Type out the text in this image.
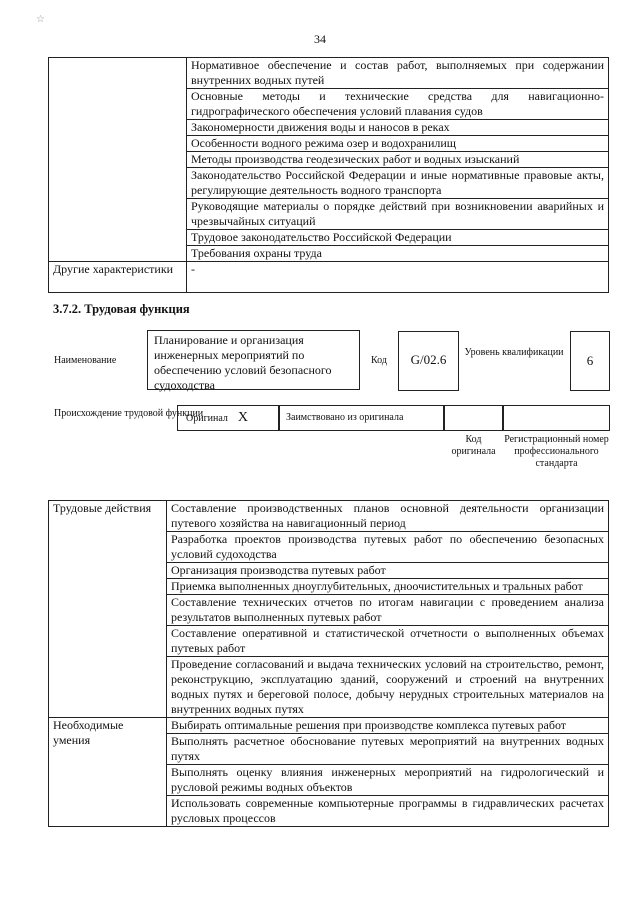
☆
34
	Нормативное обеспечение и состав работ, выполняемых при содержании внутренних водных путей
	Основные методы и технические средства для навигационно-гидрографического обеспечения условий плавания судов
	Закономерности движения воды и наносов в реках
	Особенности водного режима озер и водохранилищ
	Методы производства геодезических работ и водных изысканий
	Законодательство Российской Федерации и иные нормативные правовые акты, регулирующие деятельность водного транспорта
	Руководящие материалы о порядке действий при возникновении аварийных и чрезвычайных ситуаций
	Трудовое законодательство Российской Федерации
	Требования охраны труда
Другие характеристики	-
3.7.2. Трудовая функция
Наименование
Планирование и организация инженерных мероприятий по обеспечению условий безопасного судоходства
Код	G/02.6	Уровень квалификации
6
Происхождение трудовой функции
Оригинал X	Заимствовано из оригинала
Код оригинала
Регистрационный номер профессионального стандарта
Трудовые действия	Составление производственных планов основной деятельности организации путевого хозяйства на навигационный период
	Разработка проектов производства путевых работ по обеспечению безопасных условий судоходства
	Организация производства путевых работ
	Приемка выполненных дноуглубительных, дноочистительных и тральных работ
	Составление технических отчетов по итогам навигации с проведением анализа результатов выполненных путевых работ
	Составление оперативной и статистической отчетности о выполненных объемах путевых работ
	Проведение согласований и выдача технических условий на строительство, ремонт, реконструкцию, эксплуатацию зданий, сооружений и строений на внутренних водных путях и береговой полосе, добычу нерудных строительных материалов на внутренних водных путях
Необходимые умения	Выбирать оптимальные решения при производстве комплекса путевых работ
	Выполнять расчетное обоснование путевых мероприятий на внутренних водных путях
	Выполнять оценку влияния инженерных мероприятий на гидрологический и русловой режимы водных объектов
	Использовать современные компьютерные программы в гидравлических расчетах русловых процессов
